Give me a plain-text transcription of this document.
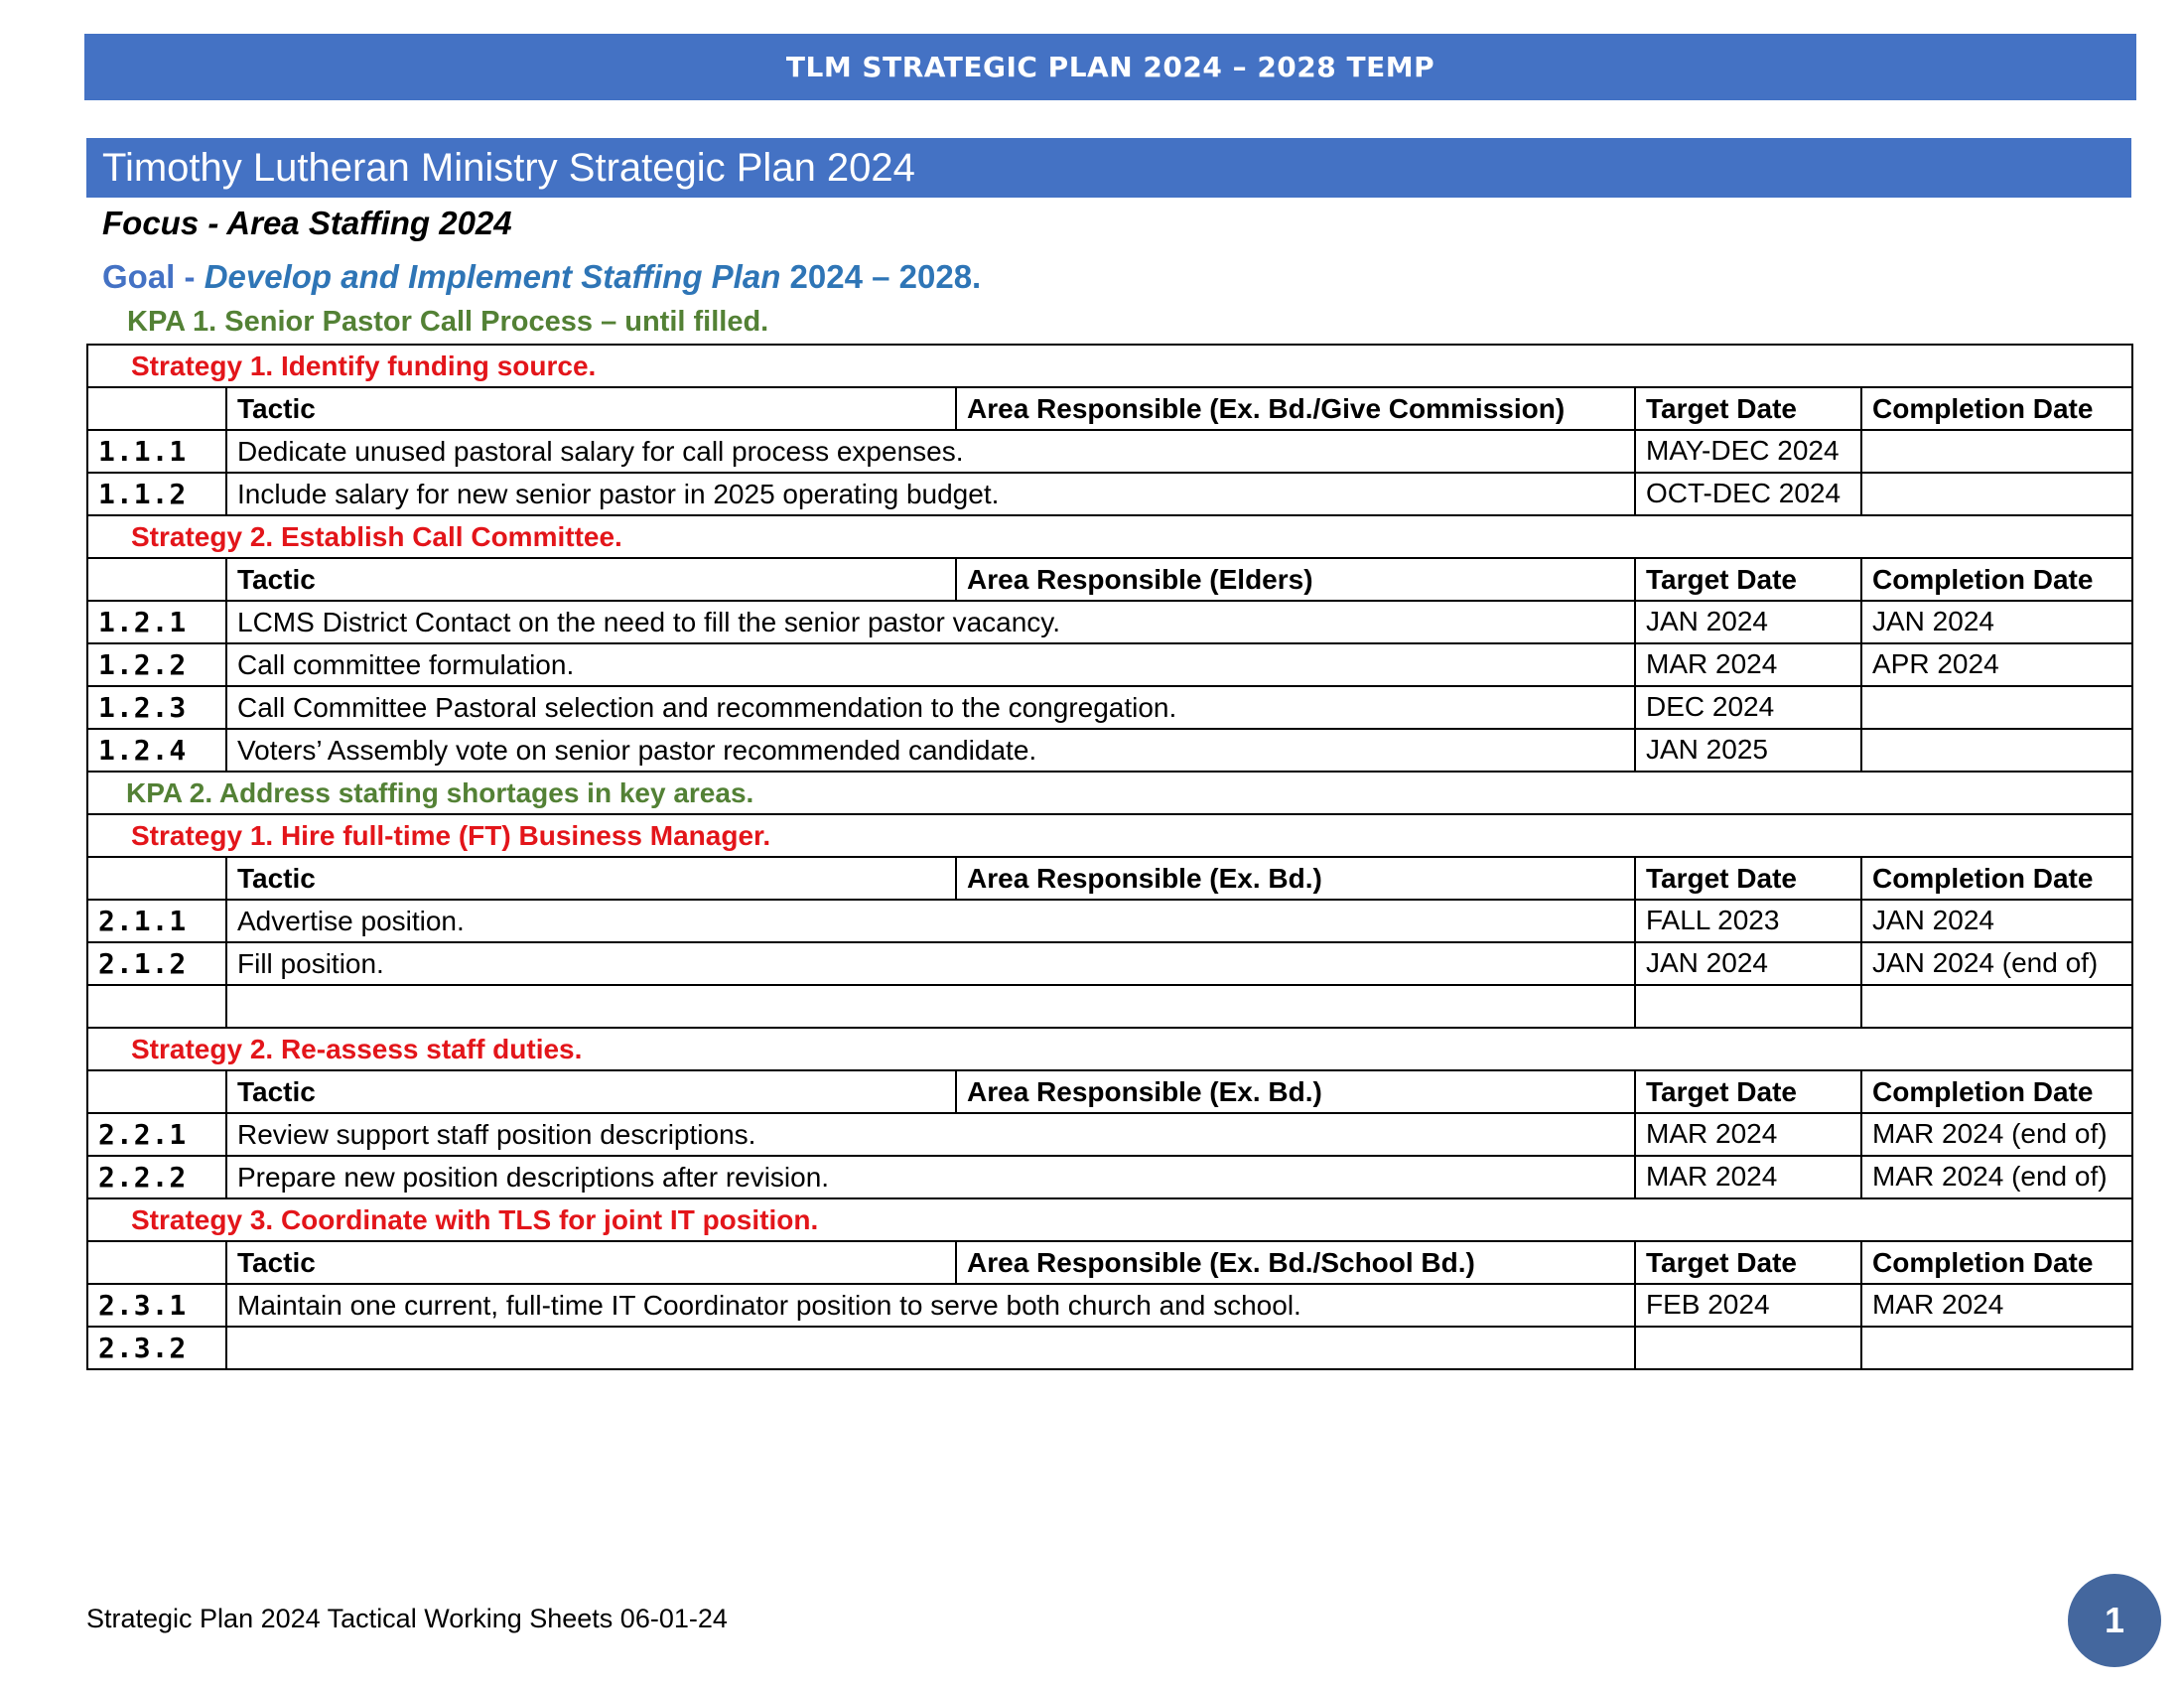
TLM STRATEGIC PLAN 2024 – 2028 TEMP
Timothy Lutheran Ministry Strategic Plan 2024
Focus - Area Staffing 2024
Goal - Develop and Implement Staffing Plan 2024 – 2028.
KPA 1. Senior Pastor Call Process – until filled.
Strategy 1. Identify funding source.				
	Tactic	Area Responsible (Ex. Bd./Give Commission)	Target Date	Completion Date
1.1.1	Dedicate unused pastoral salary for call process expenses.		MAY-DEC 2024	
1.1.2	Include salary for new senior pastor in 2025 operating budget.		OCT-DEC 2024	
Strategy 2. Establish Call Committee.				
	Tactic	Area Responsible (Elders)	Target Date	Completion Date
1.2.1	LCMS District Contact on the need to fill the senior pastor vacancy.		JAN 2024	JAN 2024
1.2.2	Call committee formulation.		MAR 2024	APR 2024
1.2.3	Call Committee Pastoral selection and recommendation to the congregation.		DEC 2024	
1.2.4	Voters’ Assembly vote on senior pastor recommended candidate.		JAN 2025	
KPA 2. Address staffing shortages in key areas.				
Strategy 1. Hire full-time (FT) Business Manager.				
	Tactic	Area Responsible (Ex. Bd.)	Target Date	Completion Date
2.1.1	Advertise position.		FALL 2023	JAN 2024
2.1.2	Fill position.		JAN 2024	JAN 2024 (end of)

Strategy 2. Re-assess staff duties.				
	Tactic	Area Responsible (Ex. Bd.)	Target Date	Completion Date
2.2.1	Review support staff position descriptions.		MAR 2024	MAR 2024 (end of)
2.2.2	Prepare new position descriptions after revision.		MAR 2024	MAR 2024 (end of)
Strategy 3. Coordinate with TLS for joint IT position.				
	Tactic	Area Responsible (Ex. Bd./School Bd.)	Target Date	Completion Date
2.3.1	Maintain one current, full-time IT Coordinator position to serve both church and school.		FEB 2024	MAR 2024
2.3.2				
Strategic Plan 2024 Tactical Working Sheets 06-01-24	1
